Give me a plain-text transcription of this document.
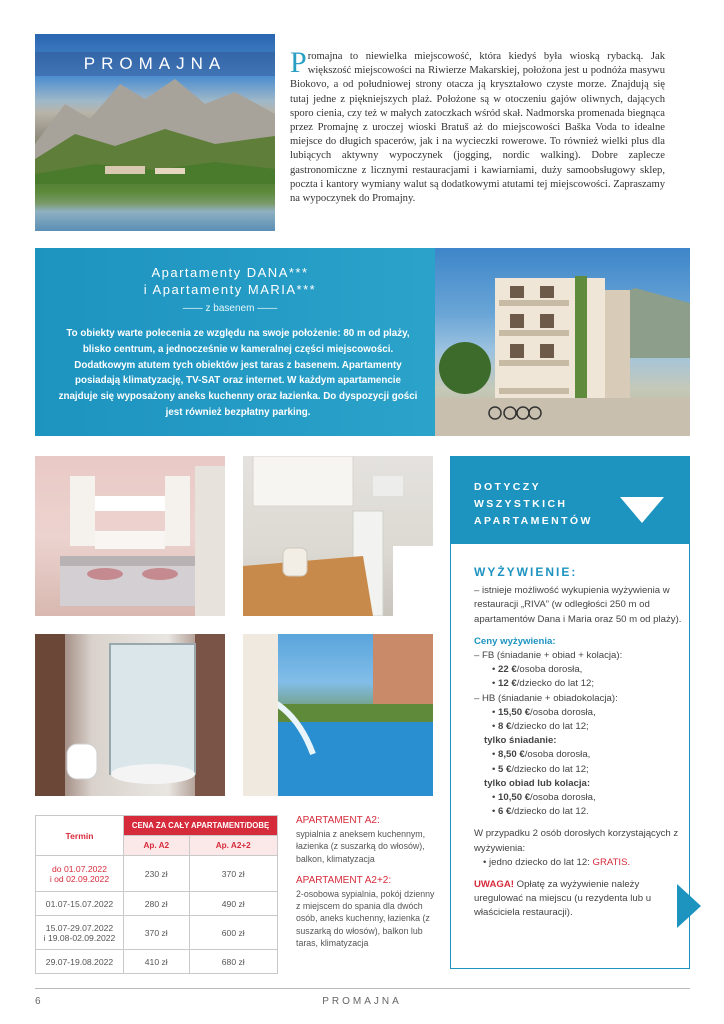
PROMAJNA	Promajna to niewielka miejscowość, która kiedyś była wioską rybacką. Jak większość miejscowości na Riwierze Makarskiej, położona jest u podnóża masywu Biokovo, a od południowej strony otacza ją kryształowo czyste morze. Znajdują się tutaj jedne z piękniejszych plaż. Położone są w otoczeniu gajów oliwnych, dających sporo cienia, czy też w małych zatoczkach wśród skał. Nadmorska promenada biegnąca przez Promajnę z uroczej wioski Bratuš aż do miejscowości Baška Voda to idealne miejsce do długich spacerów, jak i na wycieczki rowerowe. To również wielki plus dla lubiących aktywny wypoczynek (jogging, nordic walking). Dobre zaplecze gastronomiczne z licznymi restauracjami i kawiarniami, duży samoobsługowy sklep, poczta i kantory wymiany walut są dodatkowymi atutami tej miejscowości. Zapraszamy na wypoczynek do Promajny.
Apartamenty DANA***
i Apartamenty MARIA***
—— z basenem ——
To obiekty warte polecenia ze względu na swoje położenie: 80 m od plaży, blisko centrum, a jednocześnie w kameralnej części miejscowości. Dodatkowym atutem tych obiektów jest taras z basenem. Apartamenty posiadają klimatyzację, TV-SAT oraz internet. W każdym apartamencie znajduje się wyposażony aneks kuchenny oraz łazienka. Do dyspozycji gości jest również bezpłatny parking.
Termin	CENA ZA CAŁY APARTAMENT/DOBĘ	
	Ap. A2	Ap. A2+2

do 01.07.2022
i od 02.09.2022	230 zł	370 zł
01.07-15.07.2022	280 zł	490 zł

15.07-29.07.2022
i 19.08-02.09.2022	370 zł	600 zł
29.07-19.08.2022	410 zł	680 zł
APARTAMENT A2:
sypialnia z aneksem kuchennym, łazienka (z suszarką do włosów), balkon, klimatyzacja
APARTAMENT A2+2:
2-osobowa sypialnia, pokój dzienny z miejscem do spania dla dwóch osób, aneks kuchenny, łazienka (z suszarką do włosów), balkon lub taras, klimatyzacja
DOTYCZY
WSZYSTKICH
APARTAMENTÓW
WYŻYWIENIE:
– istnieje możliwość wykupienia wyżywienia w restauracji „RIVA” (w odległości 250 m od apartamentów Dana i Maria oraz 50 m od plaży).
Ceny wyżywienia:
– FB (śniadanie + obiad + kolacja):
• 22 €/osoba dorosła,
• 12 €/dziecko do lat 12;
– HB (śniadanie + obiadokolacja):
• 15,50 €/osoba dorosła,
• 8 €/dziecko do lat 12;
tylko śniadanie:
• 8,50 €/osoba dorosła,
• 5 €/dziecko do lat 12;
tylko obiad lub kolacja:
• 10,50 €/osoba dorosła,
• 6 €/dziecko do lat 12.
W przypadku 2 osób dorosłych korzystających z wyżywienia:
• jedno dziecko do lat 12: GRATIS.
UWAGA! Opłatę za wyżywienie należy uregulować na miejscu (u rezydenta lub u właściciela restauracji).
6	PROMAJNA
